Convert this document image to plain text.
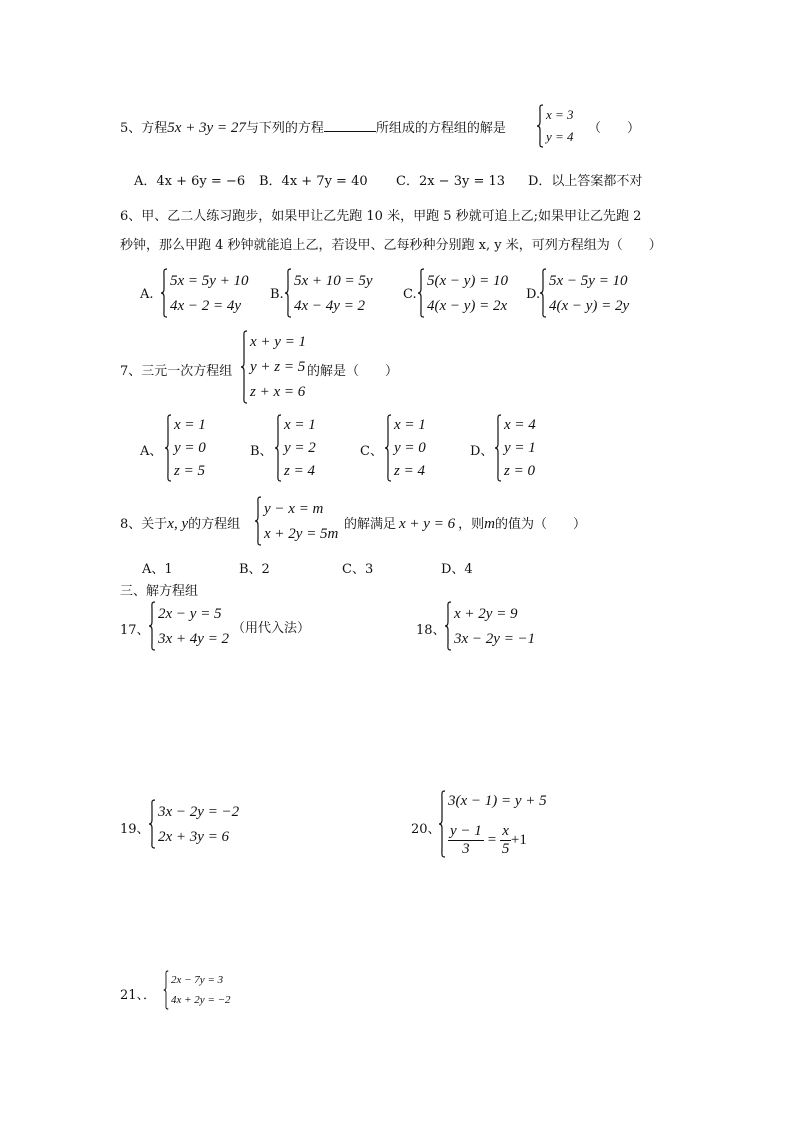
5、方程5x + 3y = 27与下列的方程	所组成的方程组的解是
x = 3
y = 4
（　　）
A．4x + 6y = −6 B．4x + 7y = 40 C．2x − 3y = 13 D．以上答案都不对
6、甲、乙二人练习跑步，如果甲让乙先跑 10 米，甲跑 5 秒就可追上乙;如果甲让乙先跑 2
秒钟，那么甲跑 4 秒钟就能追上乙，若设甲、乙每秒种分别跑 x, y 米，可列方程组为（　　）
A.
5x = 5y + 10
4x − 2 = 4y
B.
5x + 10 = 5y
4x − 4y = 2
C.
5(x − y) = 10
4(x − y) = 2x
D.
5x − 5y = 10
4(x − y) = 2y
7、三元一次方程组
x + y = 1
y + z = 5
z + x = 6
的解是（　　）
A、
x = 1
y = 0
z = 5
B、
x = 1
y = 2
z = 4
C、
x = 1
y = 0
z = 4
D、
x = 4
y = 1
z = 0
8、关于x, y的方程组
y − x = m
x + 2y = 5m
的解满足 x + y = 6 ，则m的值为（　　）
A、1	B、2	C、3	D、4
三、解方程组
17、
2x − y = 5
3x + 4y = 2
（用代入法）	18、
x + 2y = 9
3x − 2y = −1
19、
3x − 2y = −2
2x + 3y = 6	20、
3(x − 1) = y + 5
$\frac{y - 1}{3} = \frac{x}{5} +1$
21、．
2x − 7y = 3
4x + 2y = −2
